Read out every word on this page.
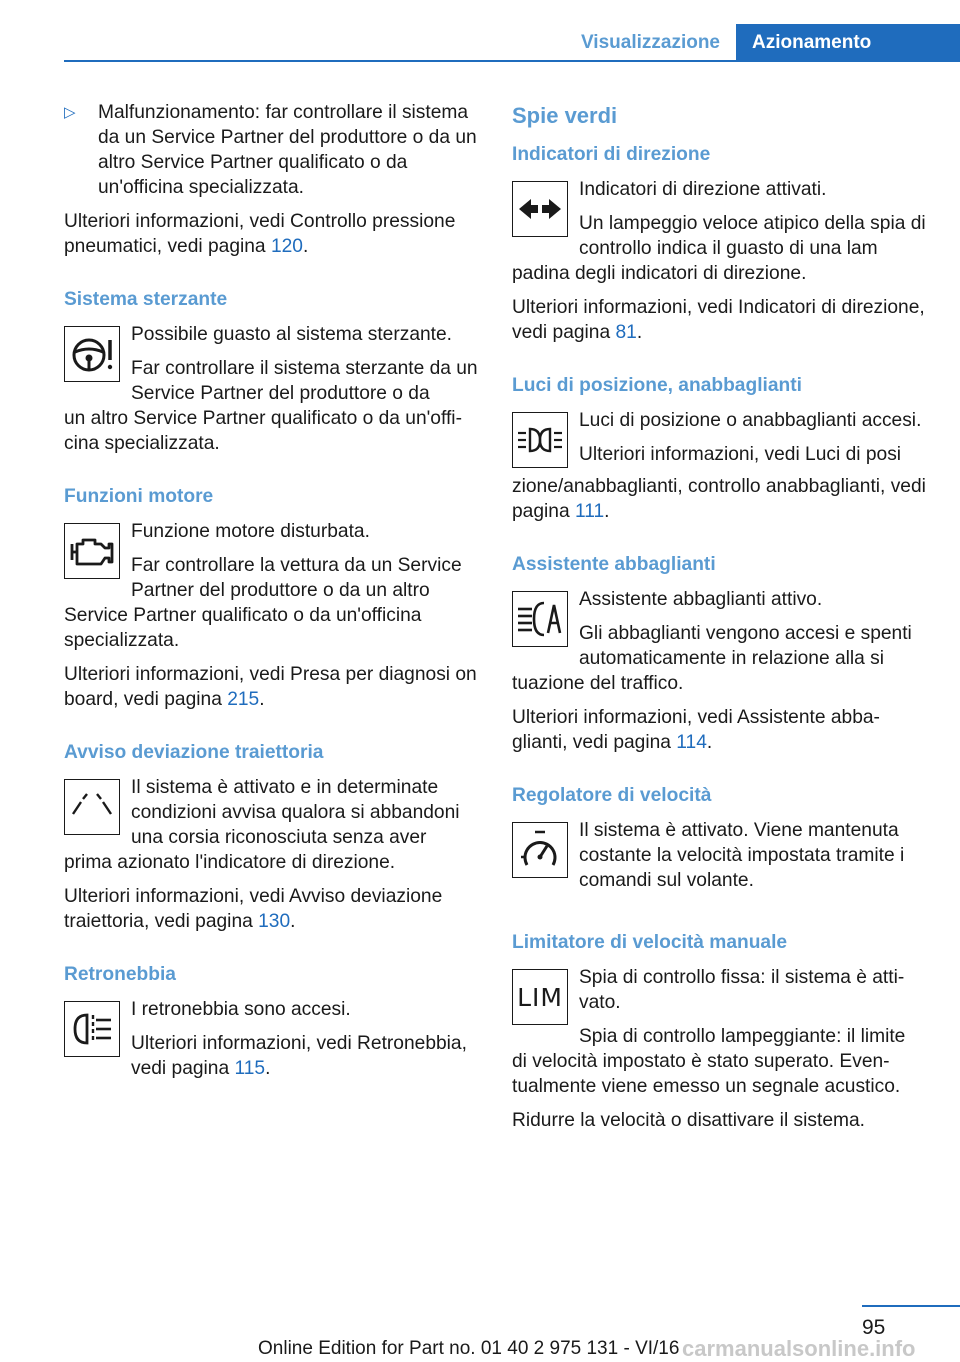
Visualizzazione	Azionamento
▷	Malfunzionamento: far controllare il sistema da un Service Partner del produttore o da un altro Service Partner qualificato o da un'officina specializzata.

Ulteriori informazioni, vedi Controllo pressione pneumatici, vedi pagina 120.

Sistema sterzante

Possibile guasto al sistema sterzante.

Far controllare il sistema sterzante da un Service Partner del produttore o da

un altro Service Partner qualificato o da un'officina specializzata.

Funzioni motore

Funzione motore disturbata.

Far controllare la vettura da un Service Partner del produttore o da un altro

Service Partner qualificato o da un'officina specializzata.

Ulteriori informazioni, vedi Presa per diagnosi on board, vedi pagina 215.

Avviso deviazione traiettoria

Il sistema è attivato e in determinate condizioni avvisa qualora si abbandoni una corsia riconosciuta senza aver

prima azionato l'indicatore di direzione.

Ulteriori informazioni, vedi Avviso deviazione traiettoria, vedi pagina 130.

Retronebbia

I retronebbia sono accesi.

Ulteriori informazioni, vedi Retronebbia, vedi pagina 115.

Spie verdi
Indicatori di direzione

Indicatori di direzione attivati.

Un lampeggio veloce atipico della spia di controllo indica il guasto di una lam

padina degli indicatori di direzione.

Ulteriori informazioni, vedi Indicatori di direzione, vedi pagina 81.

Luci di posizione, anabbaglianti

Luci di posizione o anabbaglianti accesi.

Ulteriori informazioni, vedi Luci di posi

zione/anabbaglianti, controllo anabbaglianti, vedi pagina 111.

Assistente abbaglianti

Assistente abbaglianti attivo.

Gli abbaglianti vengono accesi e spenti automaticamente in relazione alla si

tuazione del traffico.

Ulteriori informazioni, vedi Assistente abbaglianti, vedi pagina 114.

Regolatore di velocità

Il sistema è attivato. Viene mantenuta costante la velocità impostata tramite i comandi sul volante.

Limitatore di velocità manuale
LIM

Spia di controllo fissa: il sistema è attivato.

Spia di controllo lampeggiante: il limite

di velocità impostato è stato superato. Eventualmente viene emesso un segnale acustico.

Ridurre la velocità o disattivare il sistema.

95
Online Edition for Part no. 01 40 2 975 131 - VI/16 carmanualsonline.info
